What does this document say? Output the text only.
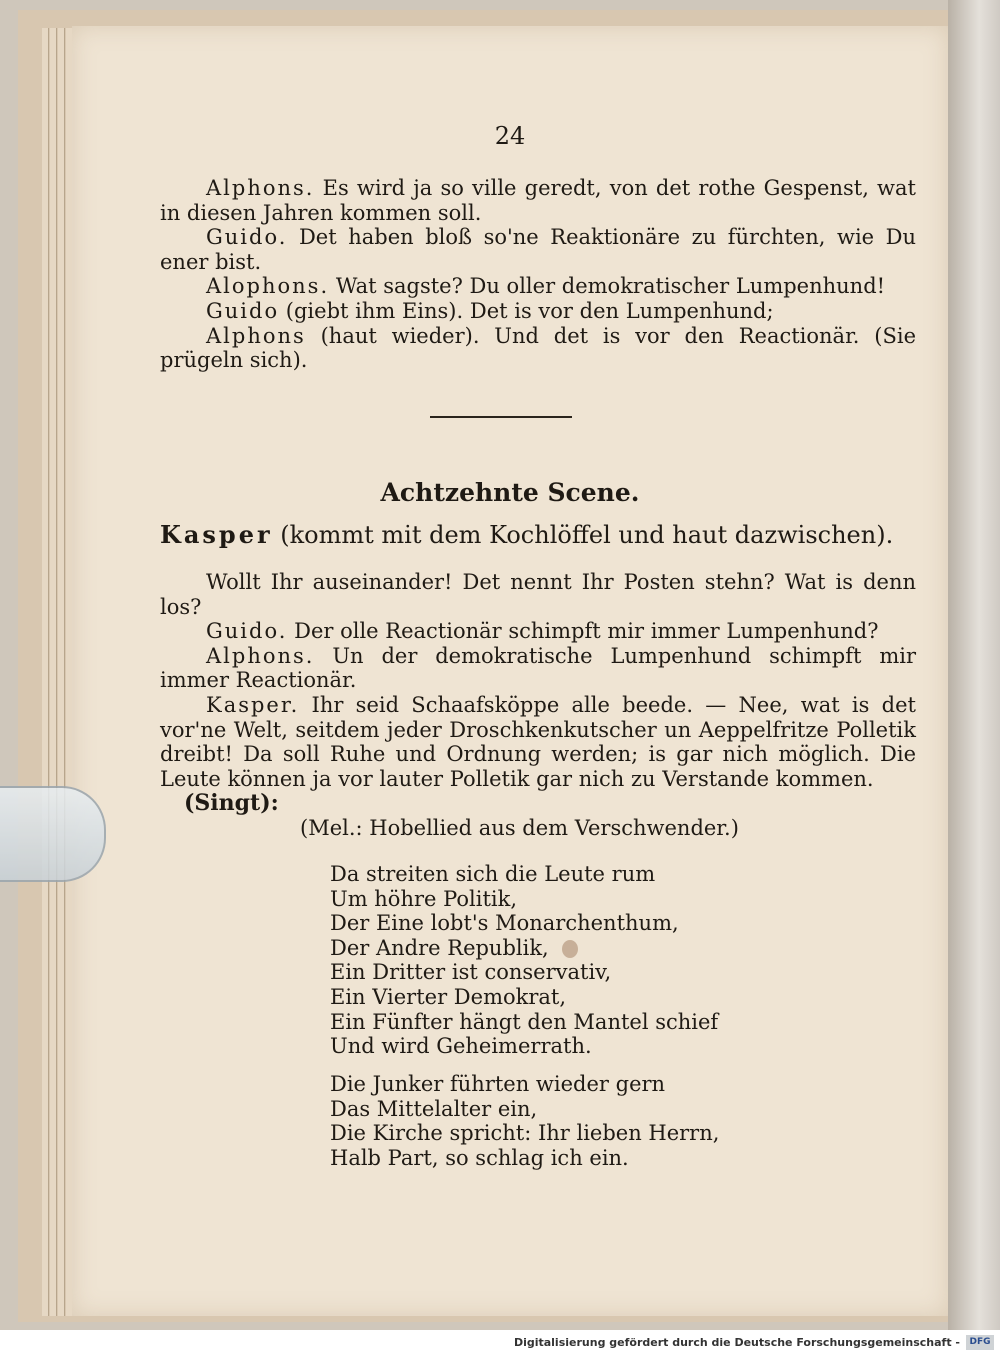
24

Alphons. Es wird ja so ville geredt, von det rothe Gespenst, wat in diesen Jahren kommen soll.

Guido. Det haben bloß so'ne Reaktionäre zu fürchten, wie Du ener bist.

Alophons. Wat sagste? Du oller demokratischer Lumpenhund!

Guido (giebt ihm Eins). Det is vor den Lumpenhund;

Alphons (haut wieder). Und det is vor den Reactionär. (Sie prügeln sich).

Achtzehnte Scene.
Kasper (kommt mit dem Kochlöffel und haut dazwischen).

Wollt Ihr auseinander! Det nennt Ihr Posten stehn? Wat is denn los?

Guido. Der olle Reactionär schimpft mir immer Lumpenhund?

Alphons. Un der demokratische Lumpenhund schimpft mir immer Reactionär.

Kasper. Ihr seid Schaafsköppe alle beede. — Nee, wat is det vor'ne Welt, seitdem jeder Droschkenkutscher un Aeppelfritze Polletik dreibt! Da soll Ruhe und Ordnung werden; is gar nich möglich. Die Leute können ja vor lauter Polletik gar nich zu Verstande kommen.

(Singt):
(Mel.: Hobellied aus dem Verschwender.)
Da streiten sich die Leute rum
Um höhre Politik,
Der Eine lobt's Monarchenthum,
Der Andre Republik,
Ein Dritter ist conservativ,
Ein Vierter Demokrat,
Ein Fünfter hängt den Mantel schief
Und wird Geheimerrath.
Die Junker führten wieder gern
Das Mittelalter ein,
Die Kirche spricht: Ihr lieben Herrn,
Halb Part, so schlag ich ein.
Digitalisierung gefördert durch die Deutsche Forschungsgemeinschaft -	DFG
